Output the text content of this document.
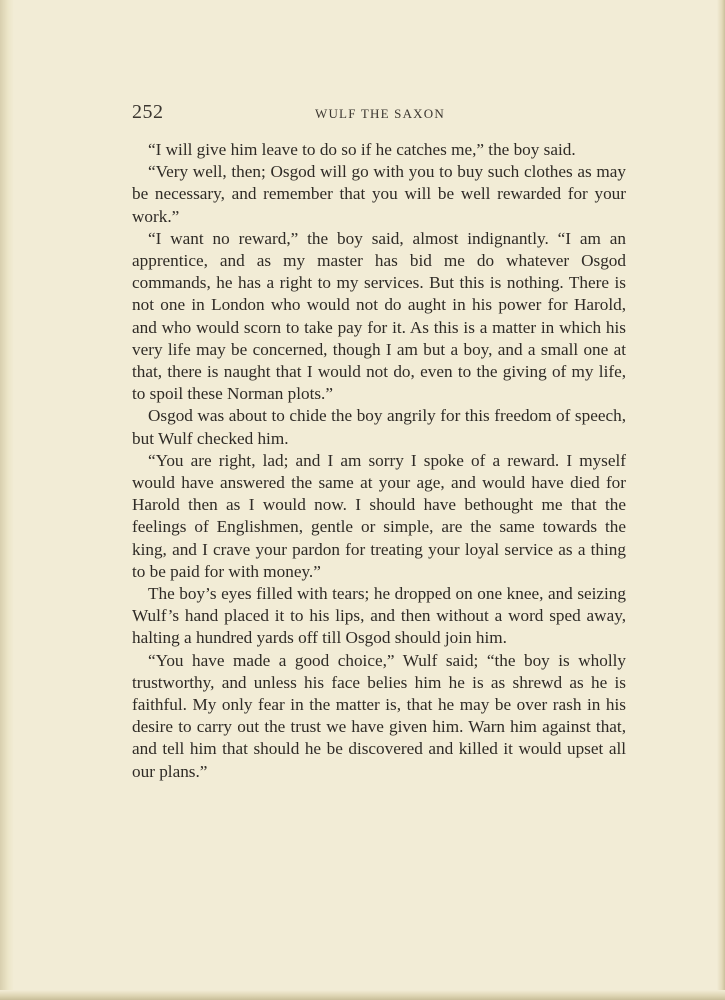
252	WULF THE SAXON

“I will give him leave to do so if he catches me,” the boy said.

“Very well, then; Osgod will go with you to buy such clothes as may be necessary, and remember that you will be well rewarded for your work.”

“I want no reward,” the boy said, almost indignantly. “I am an apprentice, and as my master has bid me do whatever Osgod commands, he has a right to my services. But this is nothing. There is not one in London who would not do aught in his power for Harold, and who would scorn to take pay for it. As this is a matter in which his very life may be concerned, though I am but a boy, and a small one at that, there is naught that I would not do, even to the giving of my life, to spoil these Norman plots.”

Osgod was about to chide the boy angrily for this freedom of speech, but Wulf checked him.

“You are right, lad; and I am sorry I spoke of a reward. I myself would have answered the same at your age, and would have died for Harold then as I would now. I should have bethought me that the feelings of Englishmen, gentle or simple, are the same towards the king, and I crave your pardon for treating your loyal service as a thing to be paid for with money.”

The boy’s eyes filled with tears; he dropped on one knee, and seizing Wulf’s hand placed it to his lips, and then without a word sped away, halting a hundred yards off till Osgod should join him.

“You have made a good choice,” Wulf said; “the boy is wholly trustworthy, and unless his face belies him he is as shrewd as he is faithful. My only fear in the matter is, that he may be over rash in his desire to carry out the trust we have given him. Warn him against that, and tell him that should he be discovered and killed it would upset all our plans.”
